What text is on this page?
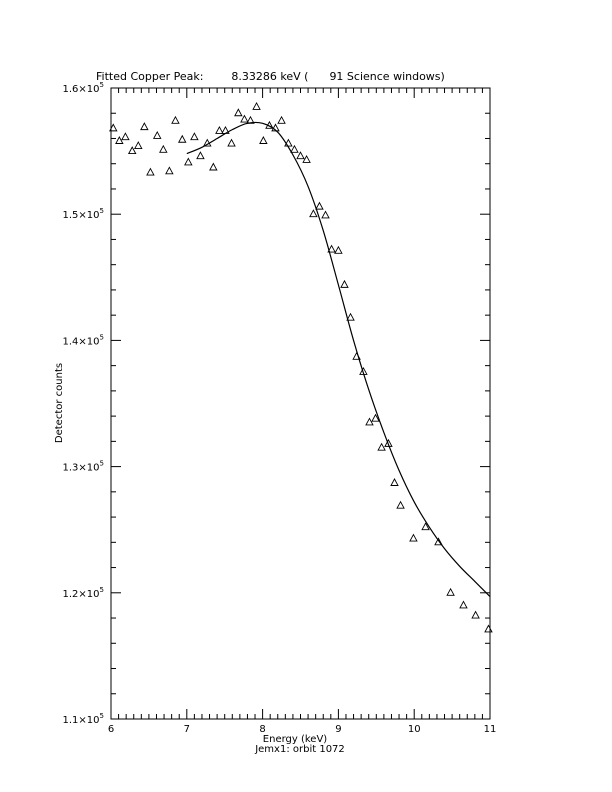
Fitted Copper Peak:        8.33286 keV (      91 Science windows)
6	7	8	9	10	11
$1.1\times 10^5$
$1.2\times 10^5$
$1.3\times 10^5$
$1.4\times 10^5$
$1.5\times 10^5$
$1.6\times 10^5$
Energy (keV)
Jemx1: orbit 1072
Detector counts
